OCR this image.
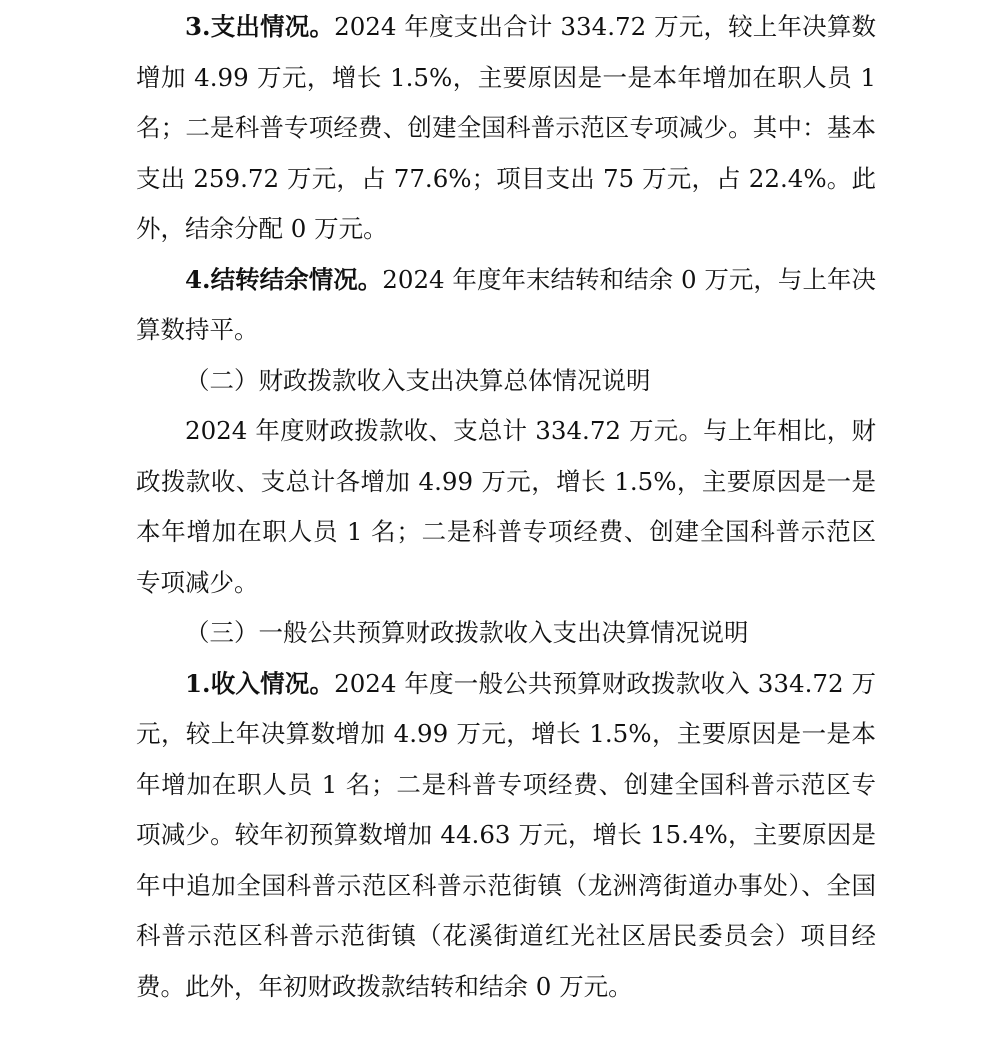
3.支出情况。2024 年度支出合计 334.72 万元，较上年决算数增加 4.99 万元，增长 1.5%，主要原因是一是本年增加在职人员 1 名；二是科普专项经费、创建全国科普示范区专项减少。其中：基本支出 259.72 万元，占 77.6%；项目支出 75 万元，占 22.4%。此外，结余分配 0 万元。

4.结转结余情况。2024 年度年末结转和结余 0 万元，与上年决算数持平。

（二）财政拨款收入支出决算总体情况说明

2024 年度财政拨款收、支总计 334.72 万元。与上年相比，财政拨款收、支总计各增加 4.99 万元，增长 1.5%，主要原因是一是本年增加在职人员 1 名；二是科普专项经费、创建全国科普示范区专项减少。

（三）一般公共预算财政拨款收入支出决算情况说明

1.收入情况。2024 年度一般公共预算财政拨款收入 334.72 万元，较上年决算数增加 4.99 万元，增长 1.5%，主要原因是一是本年增加在职人员 1 名；二是科普专项经费、创建全国科普示范区专项减少。较年初预算数增加 44.63 万元，增长 15.4%，主要原因是年中追加全国科普示范区科普示范街镇（龙洲湾街道办事处）、全国科普示范区科普示范街镇（花溪街道红光社区居民委员会）项目经费。此外，年初财政拨款结转和结余 0 万元。
